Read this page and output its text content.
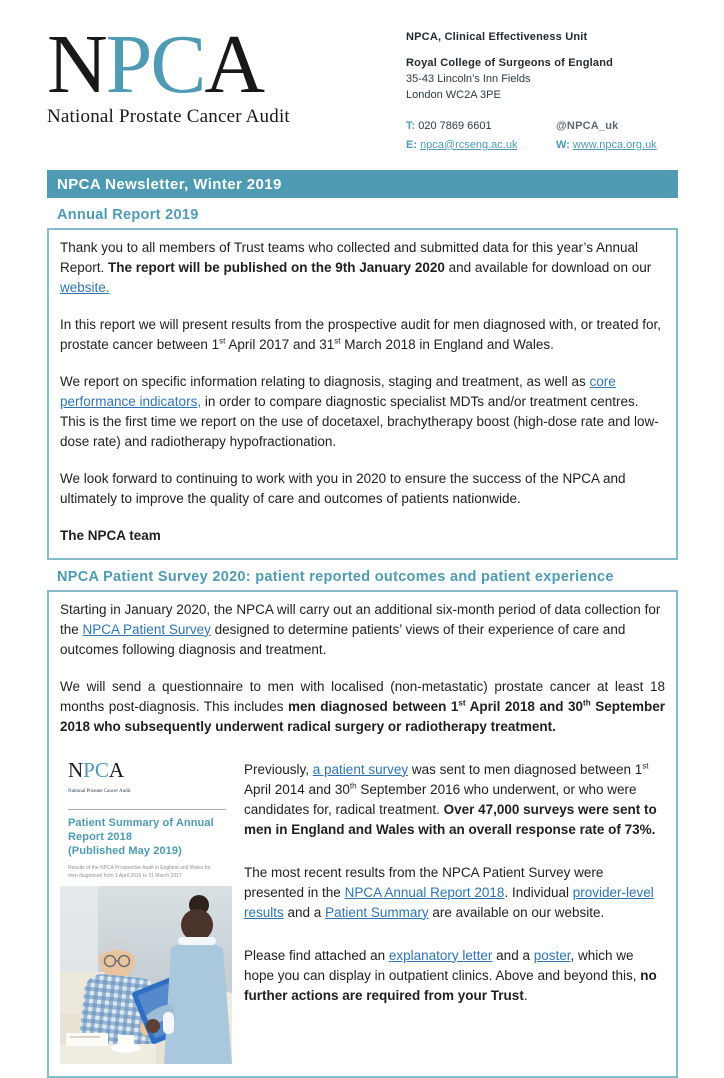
NPCA
National Prostate Cancer Audit
NPCA, Clinical Effectiveness Unit
Royal College of Surgeons of England
35-43 Lincoln’s Inn Fields
London WC2A 3PE
T: 020 7869 6601	@NPCA_uk
E: npca@rcseng.ac.uk	W: www.npca.org.uk
NPCA Newsletter, Winter 2019
Annual Report 2019

Thank you to all members of Trust teams who collected and submitted data for this year’s Annual Report. The report will be published on the 9th January 2020 and available for download on our website.

In this report we will present results from the prospective audit for men diagnosed with, or treated for, prostate cancer between 1st April 2017 and 31st March 2018 in England and Wales.

We report on specific information relating to diagnosis, staging and treatment, as well as core performance indicators, in order to compare diagnostic specialist MDTs and/or treatment centres. This is the first time we report on the use of docetaxel, brachytherapy boost (high-dose rate and low-dose rate) and radiotherapy hypofractionation.

We look forward to continuing to work with you in 2020 to ensure the success of the NPCA and ultimately to improve the quality of care and outcomes of patients nationwide.

The NPCA team

NPCA Patient Survey 2020: patient reported outcomes and patient experience

Starting in January 2020, the NPCA will carry out an additional six-month period of data collection for the NPCA Patient Survey designed to determine patients’ views of their experience of care and outcomes following diagnosis and treatment.

We will send a questionnaire to men with localised (non-metastatic) prostate cancer at least 18 months post-diagnosis. This includes men diagnosed between 1st April 2018 and 30th September 2018 who subsequently underwent radical surgery or radiotherapy treatment.

NPCA
National Prostate Cancer Audit
Patient Summary of Annual Report 2018
(Published May 2019)
Results of the NPCA Prospective Audit in England and Wales for men diagnosed from 1 April 2016 to 31 March 2017

Previously, a patient survey was sent to men diagnosed between 1st April 2014 and 30th September 2016 who underwent, or who were candidates for, radical treatment. Over 47,000 surveys were sent to men in England and Wales with an overall response rate of 73%.

The most recent results from the NPCA Patient Survey were presented in the NPCA Annual Report 2018. Individual provider-level results and a Patient Summary are available on our website.

Please find attached an explanatory letter and a poster, which we hope you can display in outpatient clinics. Above and beyond this, no further actions are required from your Trust.
